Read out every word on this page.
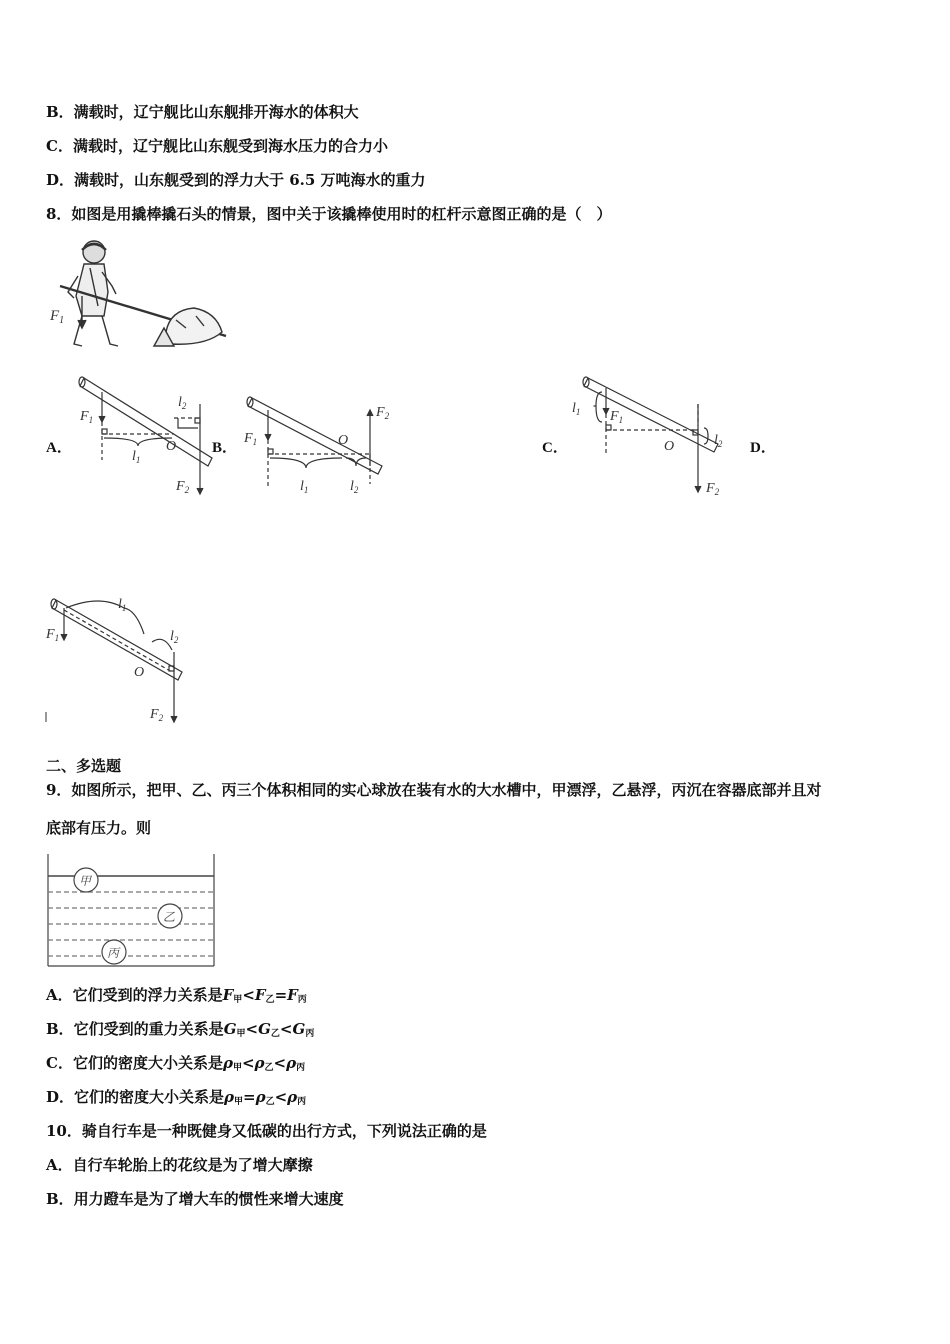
B．满载时，辽宁舰比山东舰排开海水的体积大
C．满载时，辽宁舰比山东舰受到海水压力的合力小
D．满载时，山东舰受到的浮力大于 6.5 万吨海水的重力
8．如图是用撬棒撬石头的情景，图中关于该撬棒使用时的杠杆示意图正确的是（　）
$F_1$
$F_1$
$l_2$
O
$l_1$
$F_2$
A．
$F_1$
$F_2$
O
$l_1$	$l_2$
B．
$l_1$ $F_1$
O	$l_2$
$F_2$
C．	D．
$F_1$
$l_1$
$l_2$
O
$F_2$
二、多选题
9．如图所示，把甲、乙、丙三个体积相同的实心球放在装有水的大水槽中，甲漂浮，乙悬浮，丙沉在容器底部并且对
底部有压力。则
甲
乙
丙
A．它们受到的浮力关系是$F_甲<F_乙=F_丙$
B．它们受到的重力关系是$G_甲<G_乙<G_丙$
C．它们的密度大小关系是$\rho_甲<\rho_乙<\rho_丙$
D．它们的密度大小关系是$\rho_甲=\rho_乙<\rho_丙$
10．骑自行车是一种既健身又低碳的出行方式，下列说法正确的是
A．自行车轮胎上的花纹是为了增大摩擦
B．用力蹬车是为了增大车的惯性来增大速度
